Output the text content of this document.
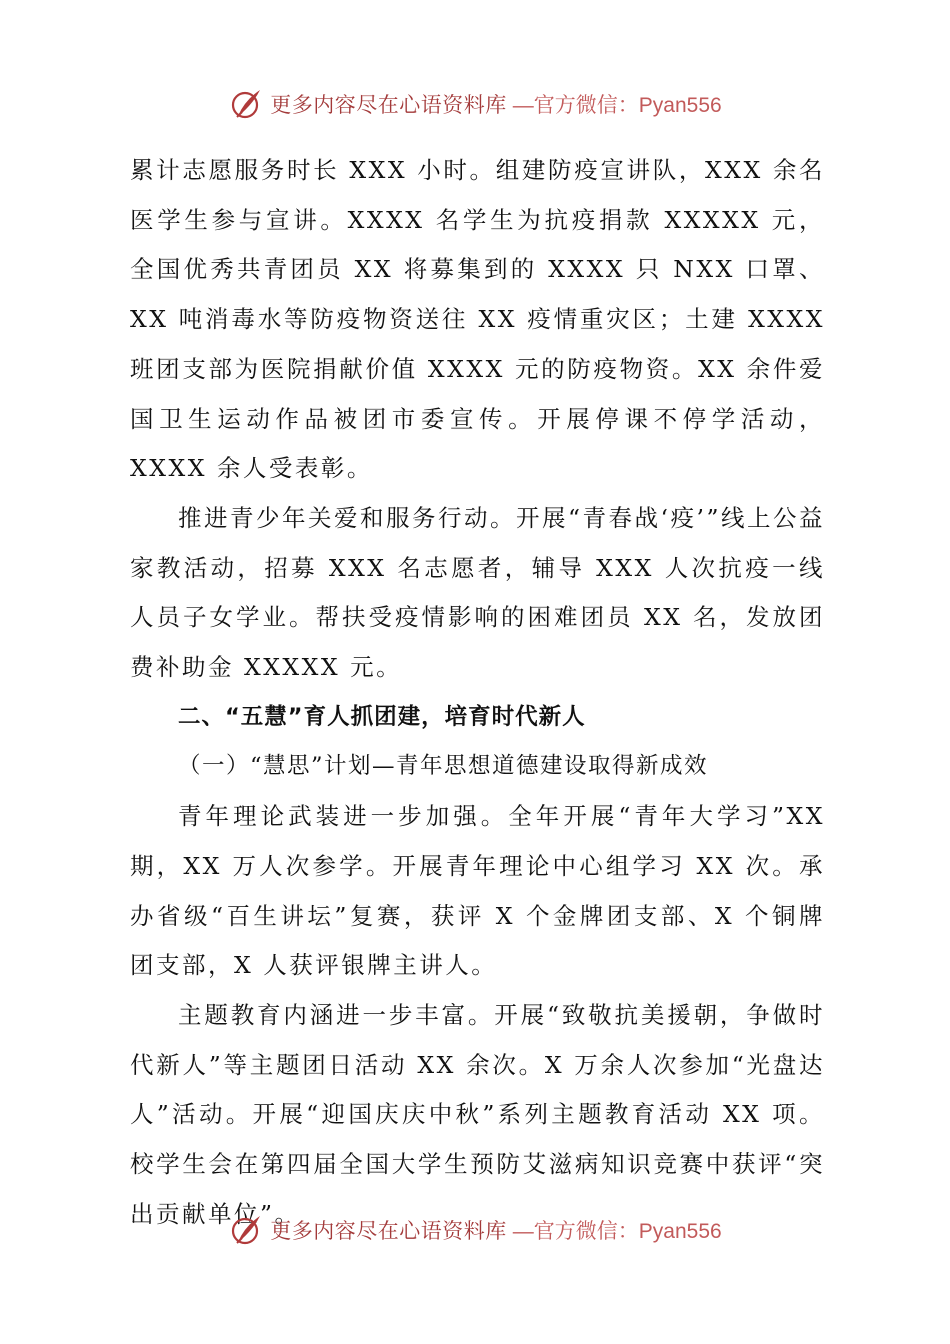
更多内容尽在心语资料库 —官方微信：Pyan556

累计志愿服务时长 XXX 小时。组建防疫宣讲队，XXX 余名医学生参与宣讲。XXXX 名学生为抗疫捐款 XXXXX 元，全国优秀共青团员 XX 将募集到的 XXXX 只 NXX 口罩、XX 吨消毒水等防疫物资送往 XX 疫情重灾区；土建 XXXX 班团支部为医院捐献价值 XXXX 元的防疫物资。XX 余件爱国卫生运动作品被团市委宣传。开展停课不停学活动，XXXX 余人受表彰。

推进青少年关爱和服务行动。开展“青春战‘疫’”线上公益家教活动，招募 XXX 名志愿者，辅导 XXX 人次抗疫一线人员子女学业。帮扶受疫情影响的困难团员 XX 名，发放团费补助金 XXXXX 元。

二、“五慧”育人抓团建，培育时代新人

（一）“慧思”计划—青年思想道德建设取得新成效

青年理论武装进一步加强。全年开展“青年大学习”XX 期，XX 万人次参学。开展青年理论中心组学习 XX 次。承办省级“百生讲坛”复赛，获评 X 个金牌团支部、X 个铜牌团支部，X 人获评银牌主讲人。

主题教育内涵进一步丰富。开展“致敬抗美援朝，争做时代新人”等主题团日活动 XX 余次。X 万余人次参加“光盘达人”活动。开展“迎国庆庆中秋”系列主题教育活动 XX 项。校学生会在第四届全国大学生预防艾滋病知识竞赛中获评“突出贡献单位”。

更多内容尽在心语资料库 —官方微信：Pyan556
